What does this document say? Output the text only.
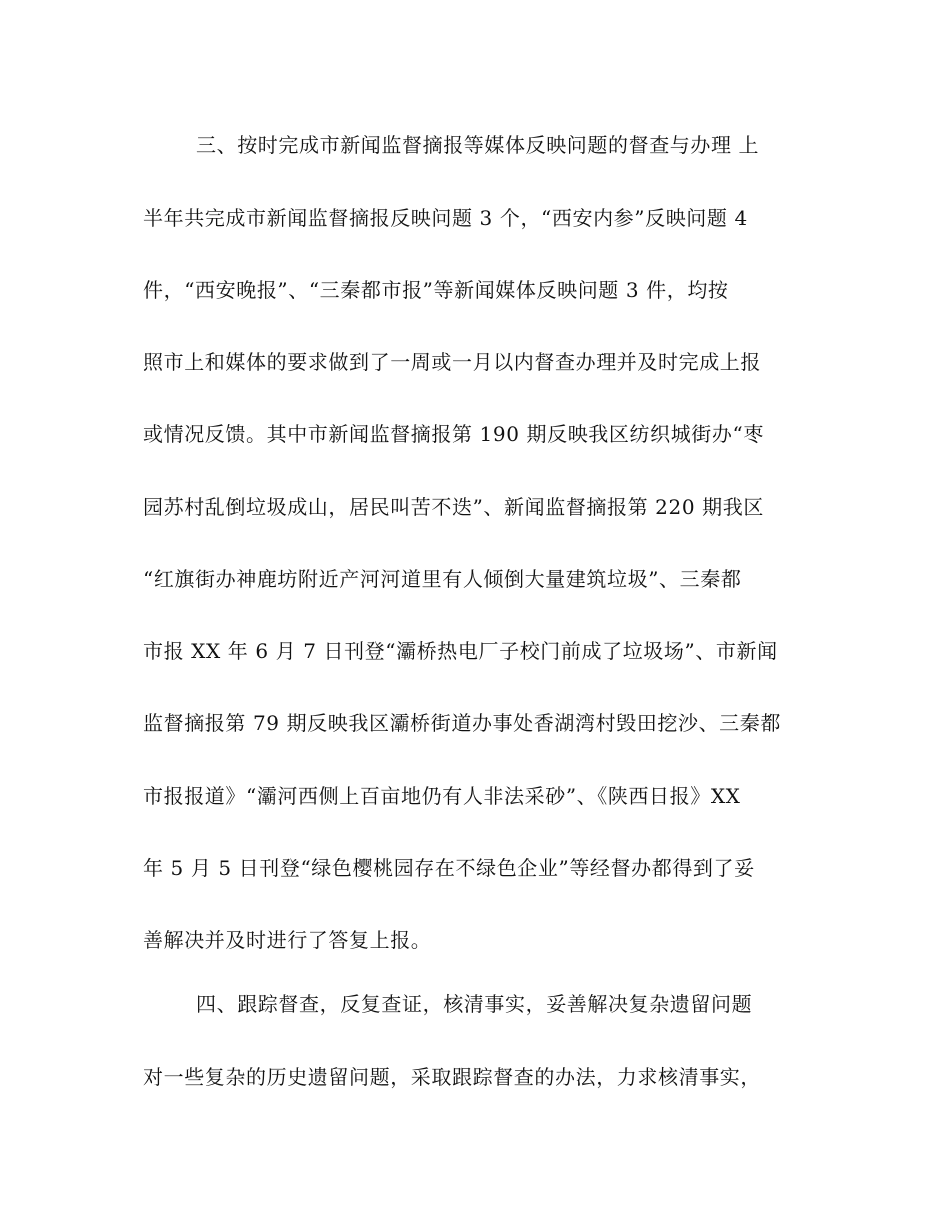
三、按时完成市新闻监督摘报等媒体反映问题的督查与办理 上
半年共完成市新闻监督摘报反映问题 3 个，“西安内参”反映问题 4
件，“西安晚报”、“三秦都市报”等新闻媒体反映问题 3 件，均按
照市上和媒体的要求做到了一周或一月以内督查办理并及时完成上报
或情况反馈。其中市新闻监督摘报第 190 期反映我区纺织城街办“枣
园苏村乱倒垃圾成山，居民叫苦不迭”、新闻监督摘报第 220 期我区
“红旗街办神鹿坊附近产河河道里有人倾倒大量建筑垃圾”、三秦都
市报 XX 年 6 月 7 日刊登“灞桥热电厂子校门前成了垃圾场”、市新闻
监督摘报第 79 期反映我区灞桥街道办事处香湖湾村毁田挖沙、三秦都
市报报道》“灞河西侧上百亩地仍有人非法采砂”、《陕西日报》XX
年 5 月 5 日刊登“绿色樱桃园存在不绿色企业”等经督办都得到了妥
善解决并及时进行了答复上报。
四、跟踪督查，反复查证，核清事实，妥善解决复杂遗留问题
对一些复杂的历史遗留问题，采取跟踪督查的办法，力求核清事实，
